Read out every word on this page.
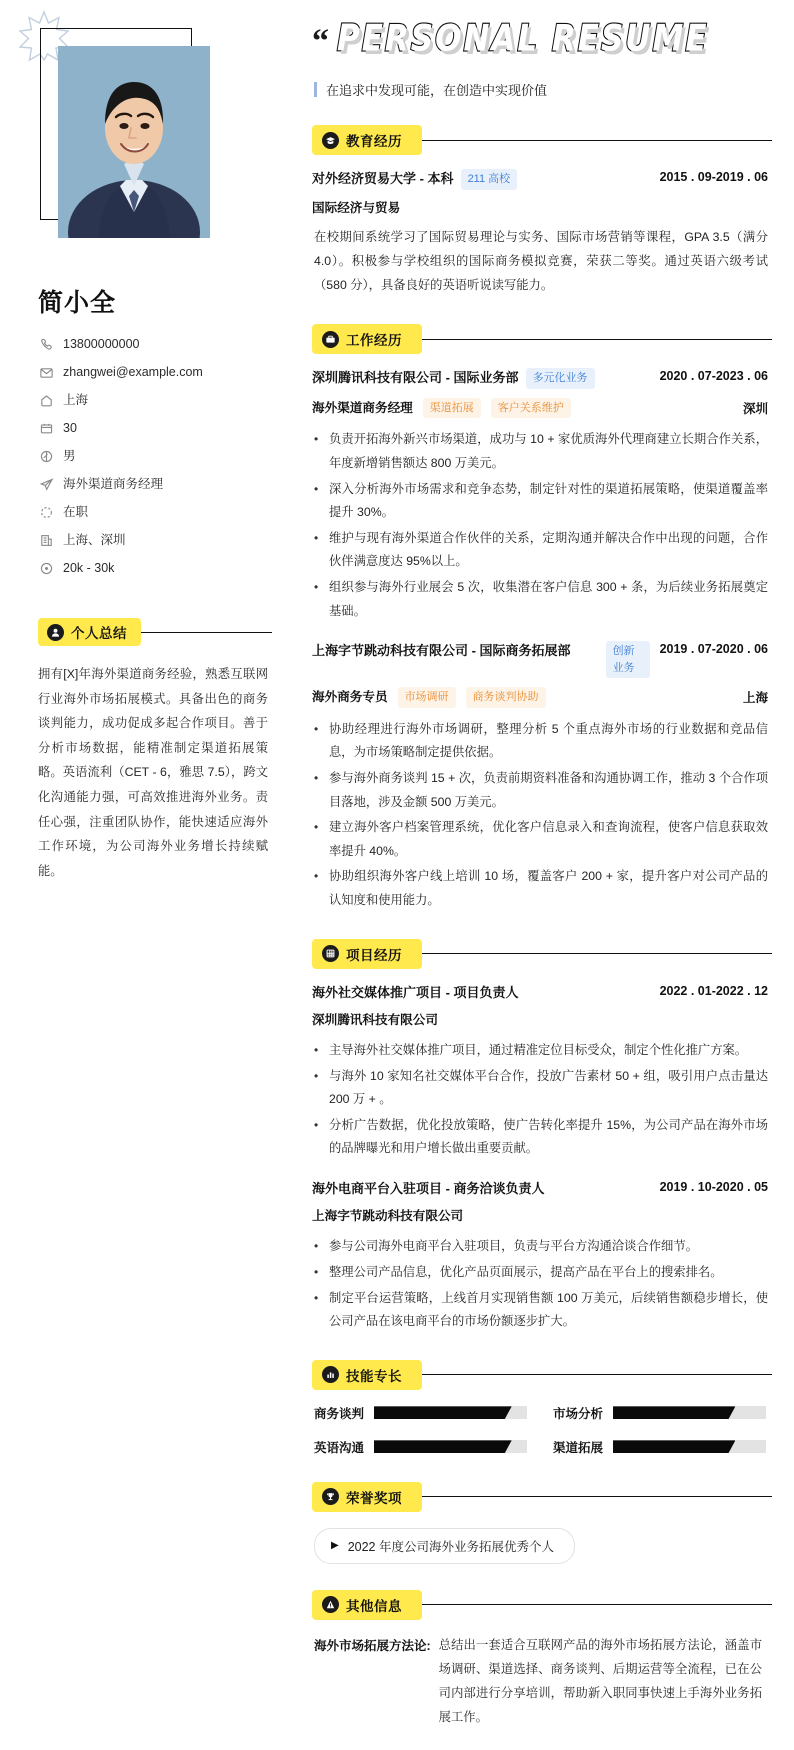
简小全
13800000000
zhangwei@example.com
上海
30
男
海外渠道商务经理
在职
上海、深圳
20k - 30k
个人总结

拥有[X]年海外渠道商务经验，熟悉互联网行业海外市场拓展模式。具备出色的商务谈判能力，成功促成多起合作项目。善于分析市场数据，能精准制定渠道拓展策略。英语流利（CET - 6，雅思 7.5），跨文化沟通能力强，可高效推进海外业务。责任心强，注重团队协作，能快速适应海外工作环境，为公司海外业务增长持续赋能。

“ PERSONAL RESUME
在追求中发现可能，在创造中实现价值
教育经历
对外经济贸易大学 - 本科	211 高校	2015 . 09-2019 . 06
国际经济与贸易

在校期间系统学习了国际贸易理论与实务、国际市场营销等课程，GPA 3.5（满分 4.0）。积极参与学校组织的国际商务模拟竞赛，荣获二等奖。通过英语六级考试（580 分），具备良好的英语听说读写能力。

工作经历
深圳腾讯科技有限公司 - 国际业务部	多元化业务	2020 . 07-2023 . 06
海外渠道商务经理	渠道拓展	客户关系维护	深圳
• 负责开拓海外新兴市场渠道，成功与 10 + 家优质海外代理商建立长期合作关系，年度新增销售额达 800 万美元。
• 深入分析海外市场需求和竞争态势，制定针对性的渠道拓展策略，使渠道覆盖率提升 30%。
• 维护与现有海外渠道合作伙伴的关系，定期沟通并解决合作中出现的问题，合作伙伴满意度达 95%以上。
• 组织参与海外行业展会 5 次，收集潜在客户信息 300 + 条，为后续业务拓展奠定基础。
上海字节跳动科技有限公司 - 国际商务拓展部	创新业务
2019 . 07-2020 . 06
海外商务专员	市场调研	商务谈判协助	上海
• 协助经理进行海外市场调研，整理分析 5 个重点海外市场的行业数据和竞品信息，为市场策略制定提供依据。
• 参与海外商务谈判 15 + 次，负责前期资料准备和沟通协调工作，推动 3 个合作项目落地，涉及金额 500 万美元。
• 建立海外客户档案管理系统，优化客户信息录入和查询流程，使客户信息获取效率提升 40%。
• 协助组织海外客户线上培训 10 场，覆盖客户 200 + 家，提升客户对公司产品的认知度和使用能力。
项目经历
海外社交媒体推广项目 - 项目负责人	2022 . 01-2022 . 12
深圳腾讯科技有限公司
• 主导海外社交媒体推广项目，通过精准定位目标受众，制定个性化推广方案。
• 与海外 10 家知名社交媒体平台合作，投放广告素材 50 + 组，吸引用户点击量达 200 万 + 。
• 分析广告数据，优化投放策略，使广告转化率提升 15%，为公司产品在海外市场的品牌曝光和用户增长做出重要贡献。
海外电商平台入驻项目 - 商务洽谈负责人	2019 . 10-2020 . 05
上海字节跳动科技有限公司
• 参与公司海外电商平台入驻项目，负责与平台方沟通洽谈合作细节。
• 整理公司产品信息，优化产品页面展示，提高产品在平台上的搜索排名。
• 制定平台运营策略，上线首月实现销售额 100 万美元，后续销售额稳步增长，使公司产品在该电商平台的市场份额逐步扩大。
技能专长
商务谈判	市场分析
英语沟通	渠道拓展
荣誉奖项
▶ 2022 年度公司海外业务拓展优秀个人
其他信息
海外市场拓展方法论: 总结出一套适合互联网产品的海外市场拓展方法论，涵盖市场调研、渠道选择、商务谈判、后期运营等全流程，已在公司内部进行分享培训，帮助新入职同事快速上手海外业务拓展工作。
